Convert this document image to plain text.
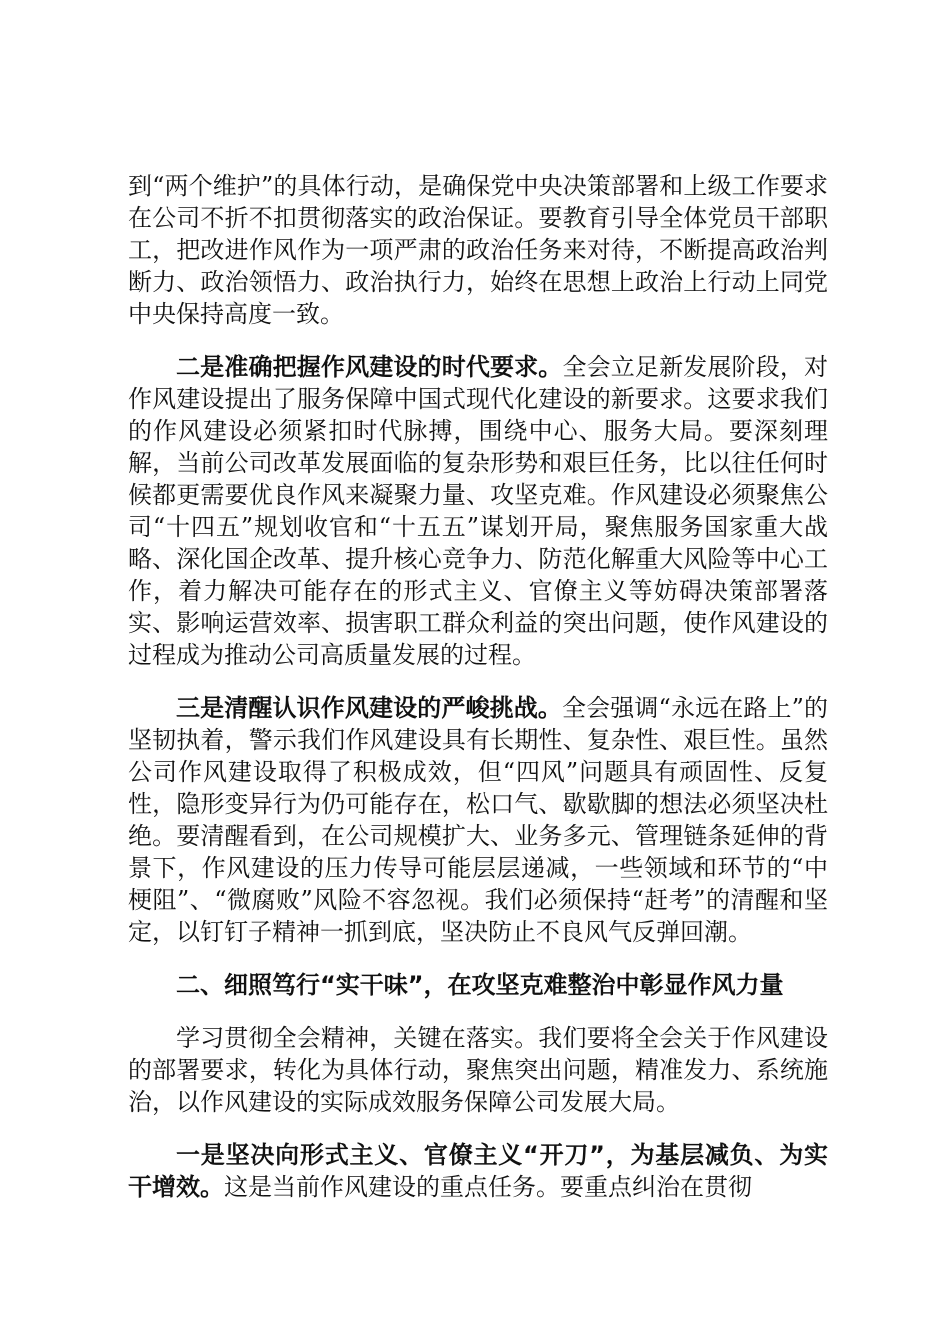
到“两个维护”的具体行动，是确保党中央决策部署和上级工作要求在公司不折不扣贯彻落实的政治保证。要教育引导全体党员干部职工，把改进作风作为一项严肃的政治任务来对待，不断提高政治判断力、政治领悟力、政治执行力，始终在思想上政治上行动上同党中央保持高度一致。

二是准确把握作风建设的时代要求。全会立足新发展阶段，对作风建设提出了服务保障中国式现代化建设的新要求。这要求我们的作风建设必须紧扣时代脉搏，围绕中心、服务大局。要深刻理解，当前公司改革发展面临的复杂形势和艰巨任务，比以往任何时候都更需要优良作风来凝聚力量、攻坚克难。作风建设必须聚焦公司“十四五”规划收官和“十五五”谋划开局，聚焦服务国家重大战略、深化国企改革、提升核心竞争力、防范化解重大风险等中心工作，着力解决可能存在的形式主义、官僚主义等妨碍决策部署落实、影响运营效率、损害职工群众利益的突出问题，使作风建设的过程成为推动公司高质量发展的过程。

三是清醒认识作风建设的严峻挑战。全会强调“永远在路上”的坚韧执着，警示我们作风建设具有长期性、复杂性、艰巨性。虽然公司作风建设取得了积极成效，但“四风”问题具有顽固性、反复性，隐形变异行为仍可能存在，松口气、歇歇脚的想法必须坚决杜绝。要清醒看到，在公司规模扩大、业务多元、管理链条延伸的背景下，作风建设的压力传导可能层层递减，一些领域和环节的“中梗阻”、“微腐败”风险不容忽视。我们必须保持“赶考”的清醒和坚定，以钉钉子精神一抓到底，坚决防止不良风气反弹回潮。

二、细照笃行“实干味”，在攻坚克难整治中彰显作风力量

学习贯彻全会精神，关键在落实。我们要将全会关于作风建设的部署要求，转化为具体行动，聚焦突出问题，精准发力、系统施治，以作风建设的实际成效服务保障公司发展大局。

一是坚决向形式主义、官僚主义“开刀”，为基层减负、为实干增效。这是当前作风建设的重点任务。要重点纠治在贯彻
